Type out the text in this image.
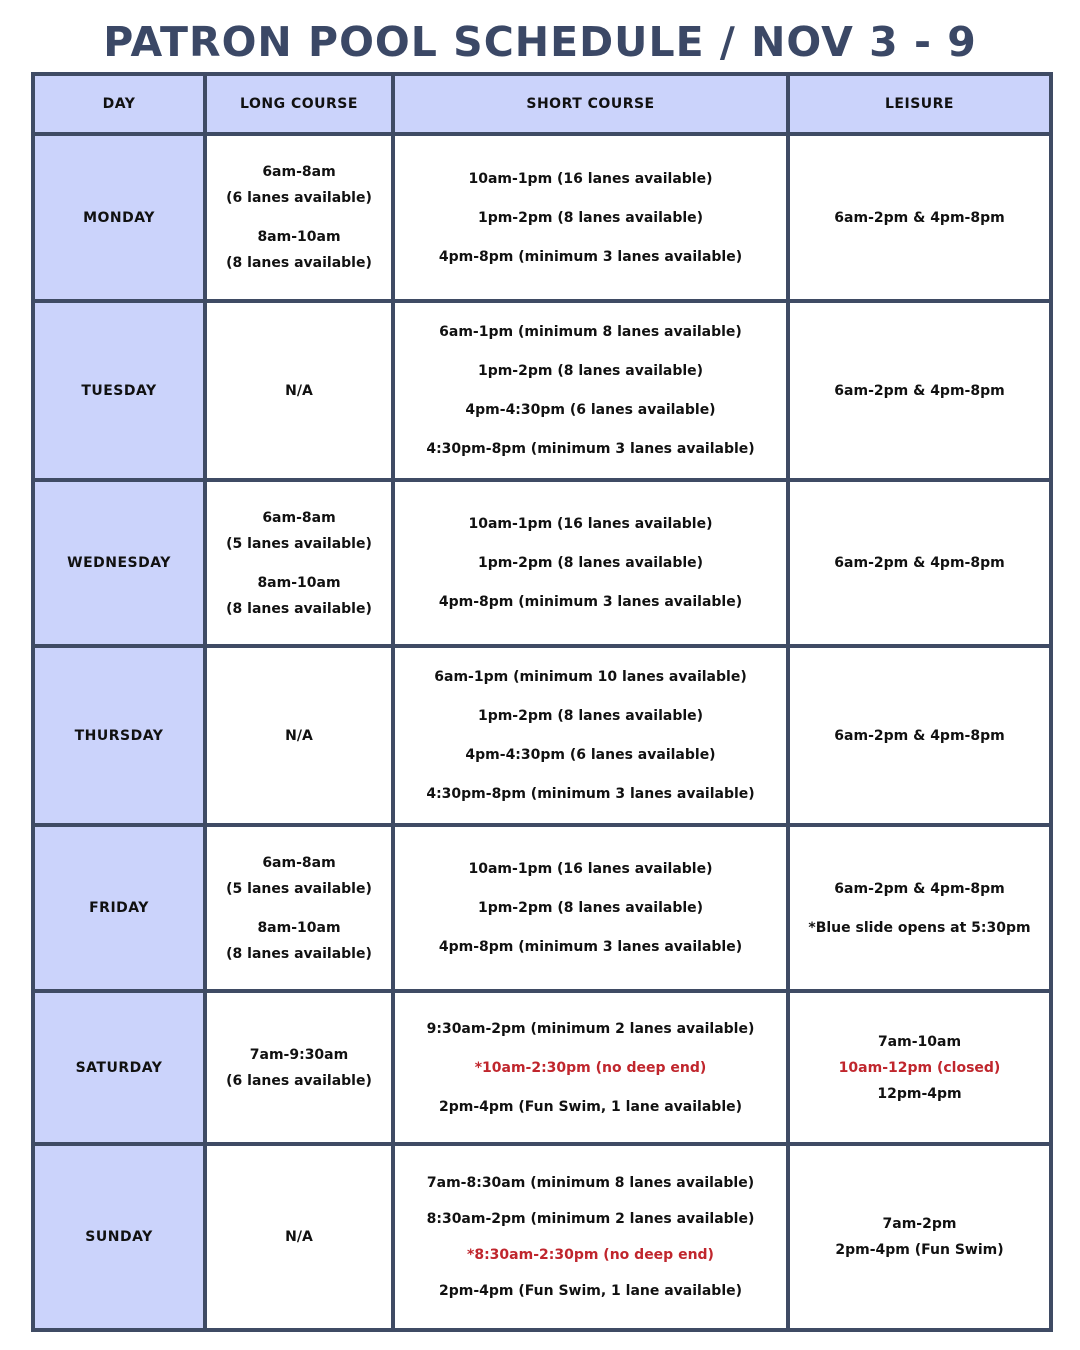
PATRON POOL SCHEDULE / NOV 3 - 9
DAY	LONG COURSE	SHORT COURSE	LEISURE
MONDAY	6am-8am
(6 lanes available)
8am-10am
(8 lanes available)	10am-1pm (16 lanes available)
1pm-2pm (8 lanes available)
4pm-8pm (minimum 3 lanes available)	6am-2pm & 4pm-8pm

TUESDAY	N/A	6am-1pm (minimum 8 lanes available)
1pm-2pm (8 lanes available)
4pm-4:30pm (6 lanes available)
4:30pm-8pm (minimum 3 lanes available)	6am-2pm & 4pm-8pm

WEDNESDAY	6am-8am
(5 lanes available)
8am-10am
(8 lanes available)	10am-1pm (16 lanes available)
1pm-2pm (8 lanes available)
4pm-8pm (minimum 3 lanes available)	6am-2pm & 4pm-8pm

THURSDAY	N/A	6am-1pm (minimum 10 lanes available)
1pm-2pm (8 lanes available)
4pm-4:30pm (6 lanes available)
4:30pm-8pm (minimum 3 lanes available)	6am-2pm & 4pm-8pm

FRIDAY	6am-8am
(5 lanes available)
8am-10am
(8 lanes available)	10am-1pm (16 lanes available)
1pm-2pm (8 lanes available)
4pm-8pm (minimum 3 lanes available)	6am-2pm & 4pm-8pm
*Blue slide opens at 5:30pm

SATURDAY	7am-9:30am
(6 lanes available)	9:30am-2pm (minimum 2 lanes available)
*10am-2:30pm (no deep end)
2pm-4pm (Fun Swim, 1 lane available)	7am-10am
10am-12pm (closed)
12pm-4pm

SUNDAY	N/A	7am-8:30am (minimum 8 lanes available)
8:30am-2pm (minimum 2 lanes available)
*8:30am-2:30pm (no deep end)
2pm-4pm (Fun Swim, 1 lane available)	7am-2pm
2pm-4pm (Fun Swim)
